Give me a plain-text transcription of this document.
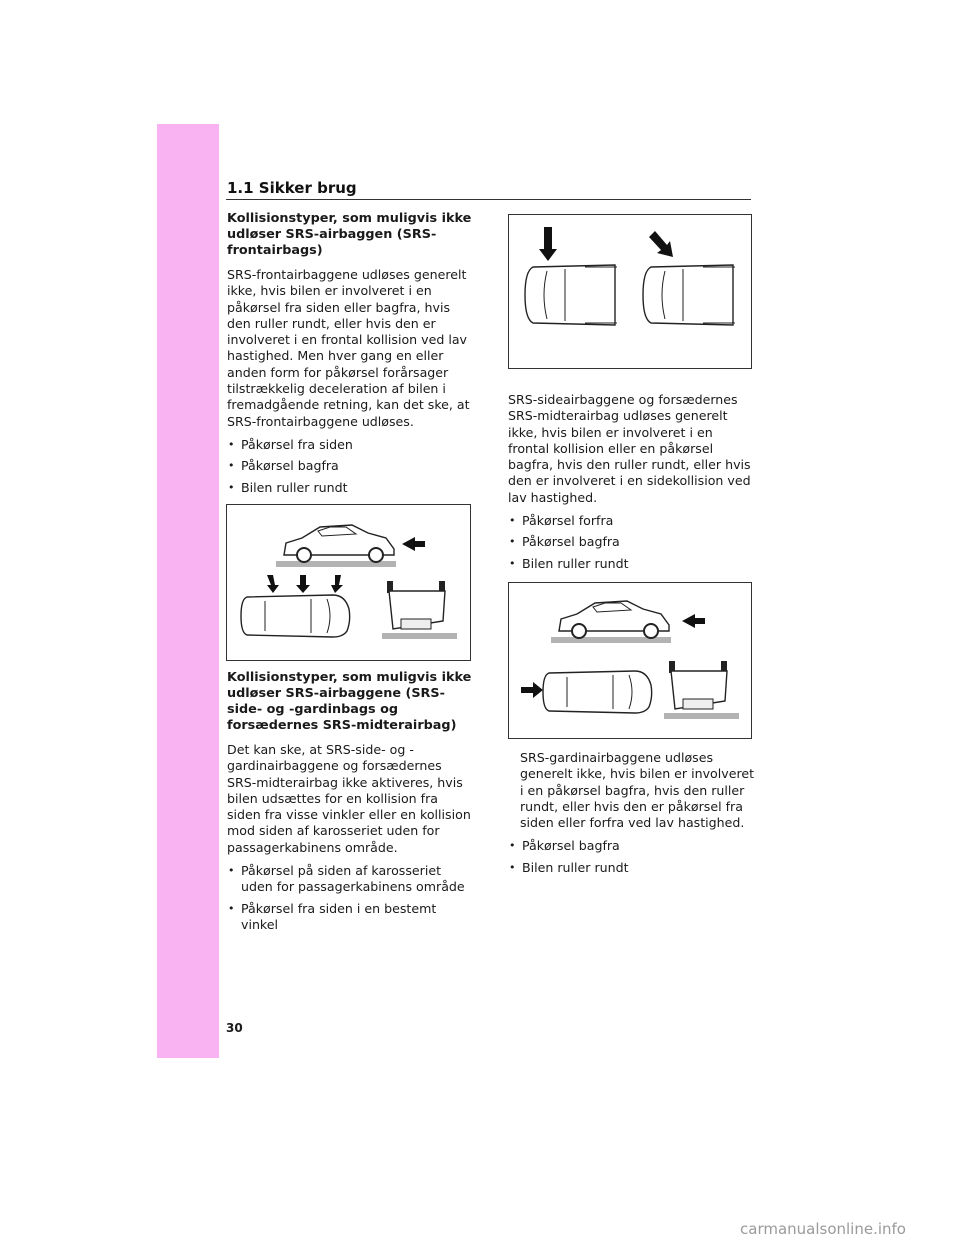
1.1 Sikker brug
Kollisionstyper, som muligvis ikke udløser SRS-airbaggen (SRS-frontairbags)

SRS-frontairbaggene udløses generelt ikke, hvis bilen er involveret i en påkørsel fra siden eller bagfra, hvis den ruller rundt, eller hvis den er involveret i en frontal kollision ved lav hastighed. Men hver gang en eller anden form for påkørsel forårsager tilstrækkelig deceleration af bilen i fremadgående retning, kan det ske, at SRS-frontairbaggene udløses.

• Påkørsel fra siden
• Påkørsel bagfra
• Bilen ruller rundt
Kollisionstyper, som muligvis ikke udløser SRS-airbaggene (SRS-side- og -gardinbags og forsædernes SRS-midterairbag)

Det kan ske, at SRS-side- og -gardinairbaggene og forsædernes SRS-midterairbag ikke aktiveres, hvis bilen udsættes for en kollision fra siden fra visse vinkler eller en kollision mod siden af karosseriet uden for passagerkabinens område.

• Påkørsel på siden af karosseriet uden for passagerkabinens område
• Påkørsel fra siden i en bestemt vinkel

SRS-sideairbaggene og forsædernes SRS-midterairbag udløses generelt ikke, hvis bilen er involveret i en frontal kollision eller en påkørsel bagfra, hvis den ruller rundt, eller hvis den er involveret i en sidekollision ved lav hastighed.

• Påkørsel forfra
• Påkørsel bagfra
• Bilen ruller rundt

SRS-gardinairbaggene udløses generelt ikke, hvis bilen er involveret i en påkørsel bagfra, hvis den ruller rundt, eller hvis den er påkørsel fra siden eller forfra ved lav hastighed.

• Påkørsel bagfra
• Bilen ruller rundt
30
carmanualsonline.info
